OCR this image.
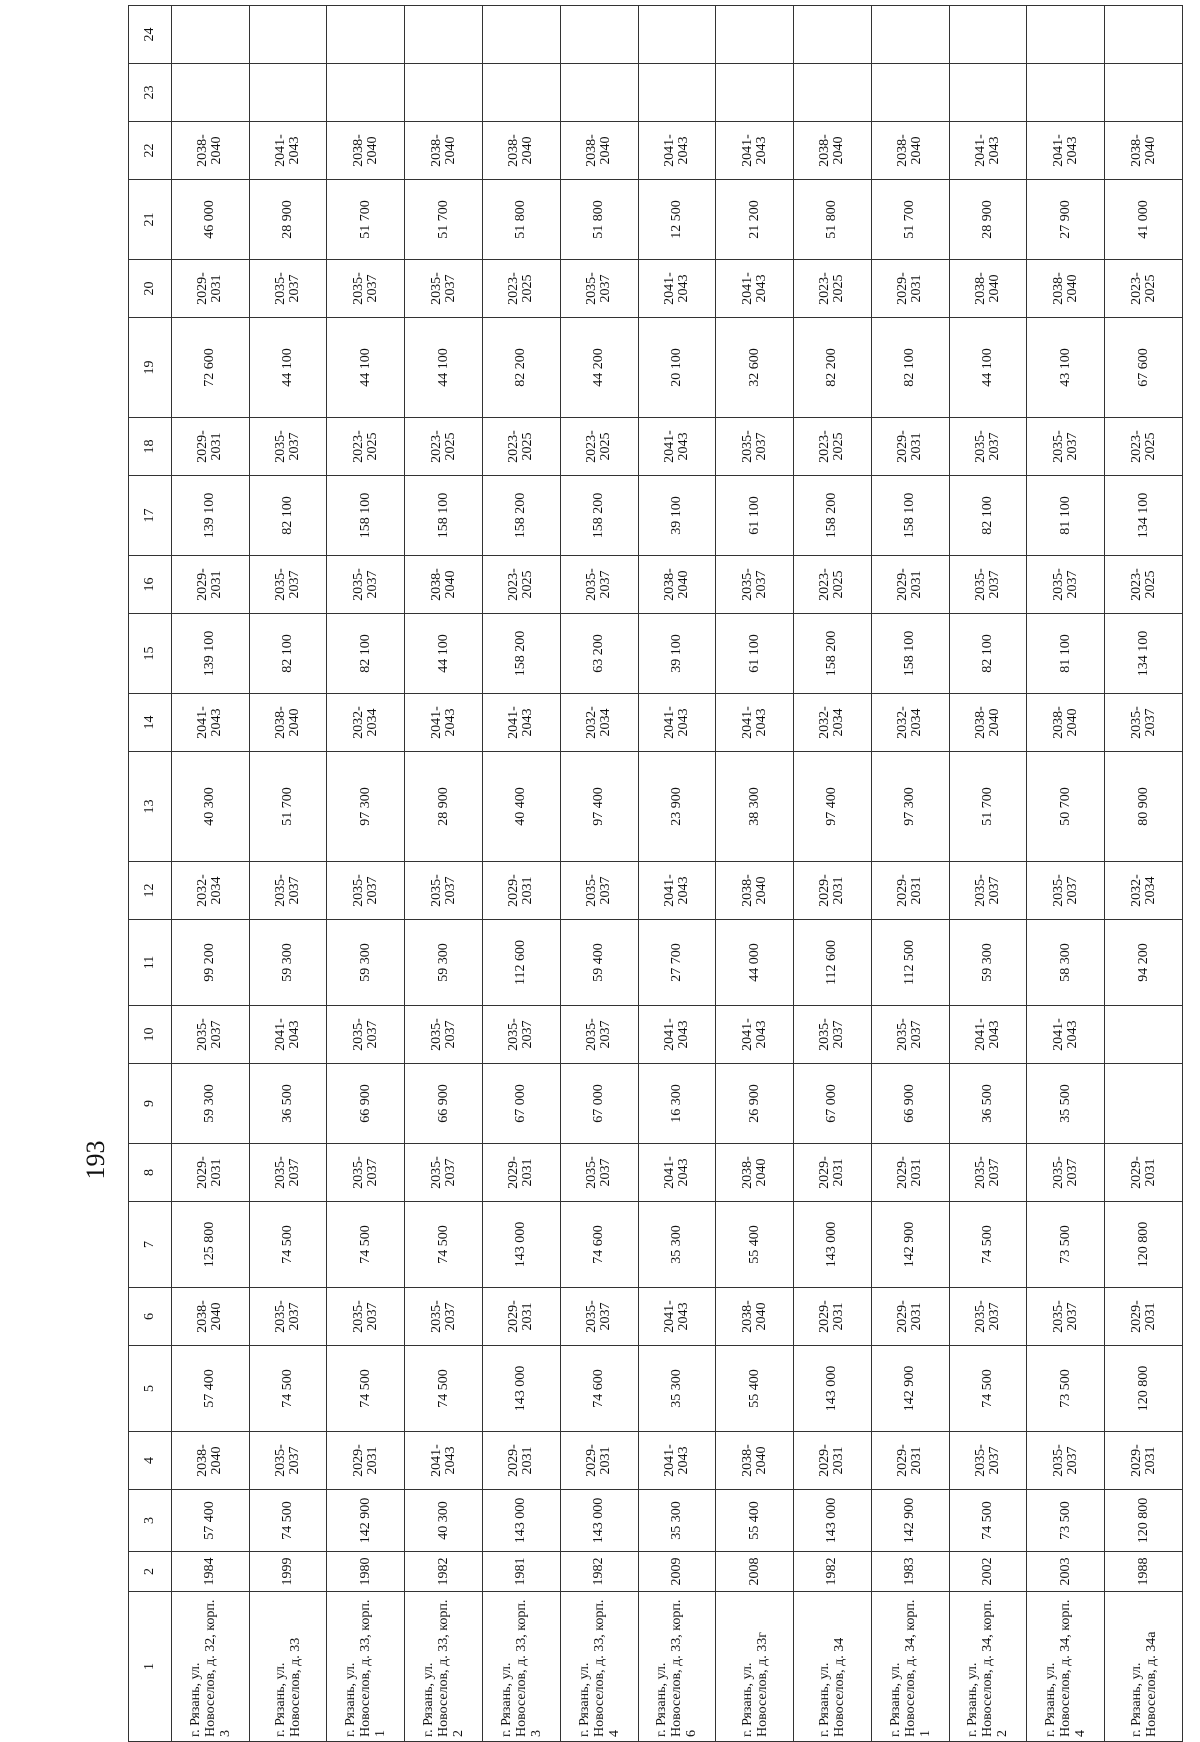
193
1	2	3	4	5	6	7	8	9	10	11	12	13	14	15	16	17	18	19	20	21	22	23	24
г. Рязань, ул. Новоселов, д. 32, корп. 3	1984	57 400	2038-2040	57 400	2038-2040	125 800	2029-2031	59 300	2035-2037	99 200	2032-2034	40 300	2041-2043	139 100	2029-2031	139 100	2029-2031	72 600	2029-2031	46 000	2038-2040		
г. Рязань, ул. Новоселов, д. 33	1999	74 500	2035-2037	74 500	2035-2037	74 500	2035-2037	36 500	2041-2043	59 300	2035-2037	51 700	2038-2040	82 100	2035-2037	82 100	2035-2037	44 100	2035-2037	28 900	2041-2043		
г. Рязань, ул. Новоселов, д. 33, корп. 1	1980	142 900	2029-2031	74 500	2035-2037	74 500	2035-2037	66 900	2035-2037	59 300	2035-2037	97 300	2032-2034	82 100	2035-2037	158 100	2023-2025	44 100	2035-2037	51 700	2038-2040		
г. Рязань, ул. Новоселов, д. 33, корп. 2	1982	40 300	2041-2043	74 500	2035-2037	74 500	2035-2037	66 900	2035-2037	59 300	2035-2037	28 900	2041-2043	44 100	2038-2040	158 100	2023-2025	44 100	2035-2037	51 700	2038-2040		
г. Рязань, ул. Новоселов, д. 33, корп. 3	1981	143 000	2029-2031	143 000	2029-2031	143 000	2029-2031	67 000	2035-2037	112 600	2029-2031	40 400	2041-2043	158 200	2023-2025	158 200	2023-2025	82 200	2023-2025	51 800	2038-2040		
г. Рязань, ул. Новоселов, д. 33, корп. 4	1982	143 000	2029-2031	74 600	2035-2037	74 600	2035-2037	67 000	2035-2037	59 400	2035-2037	97 400	2032-2034	63 200	2035-2037	158 200	2023-2025	44 200	2035-2037	51 800	2038-2040		
г. Рязань, ул. Новоселов, д. 33, корп. 6	2009	35 300	2041-2043	35 300	2041-2043	35 300	2041-2043	16 300	2041-2043	27 700	2041-2043	23 900	2041-2043	39 100	2038-2040	39 100	2041-2043	20 100	2041-2043	12 500	2041-2043		
г. Рязань, ул. Новоселов, д. 33г	2008	55 400	2038-2040	55 400	2038-2040	55 400	2038-2040	26 900	2041-2043	44 000	2038-2040	38 300	2041-2043	61 100	2035-2037	61 100	2035-2037	32 600	2041-2043	21 200	2041-2043		
г. Рязань, ул. Новоселов, д. 34	1982	143 000	2029-2031	143 000	2029-2031	143 000	2029-2031	67 000	2035-2037	112 600	2029-2031	97 400	2032-2034	158 200	2023-2025	158 200	2023-2025	82 200	2023-2025	51 800	2038-2040		
г. Рязань, ул. Новоселов, д. 34, корп. 1	1983	142 900	2029-2031	142 900	2029-2031	142 900	2029-2031	66 900	2035-2037	112 500	2029-2031	97 300	2032-2034	158 100	2029-2031	158 100	2029-2031	82 100	2029-2031	51 700	2038-2040		
г. Рязань, ул. Новоселов, д. 34, корп. 2	2002	74 500	2035-2037	74 500	2035-2037	74 500	2035-2037	36 500	2041-2043	59 300	2035-2037	51 700	2038-2040	82 100	2035-2037	82 100	2035-2037	44 100	2038-2040	28 900	2041-2043		
г. Рязань, ул. Новоселов, д. 34, корп. 4	2003	73 500	2035-2037	73 500	2035-2037	73 500	2035-2037	35 500	2041-2043	58 300	2035-2037	50 700	2038-2040	81 100	2035-2037	81 100	2035-2037	43 100	2038-2040	27 900	2041-2043		
г. Рязань, ул. Новоселов, д. 34а	1988	120 800	2029-2031	120 800	2029-2031	120 800	2029-2031			94 200	2032-2034	80 900	2035-2037	134 100	2023-2025	134 100	2023-2025	67 600	2023-2025	41 000	2038-2040		
